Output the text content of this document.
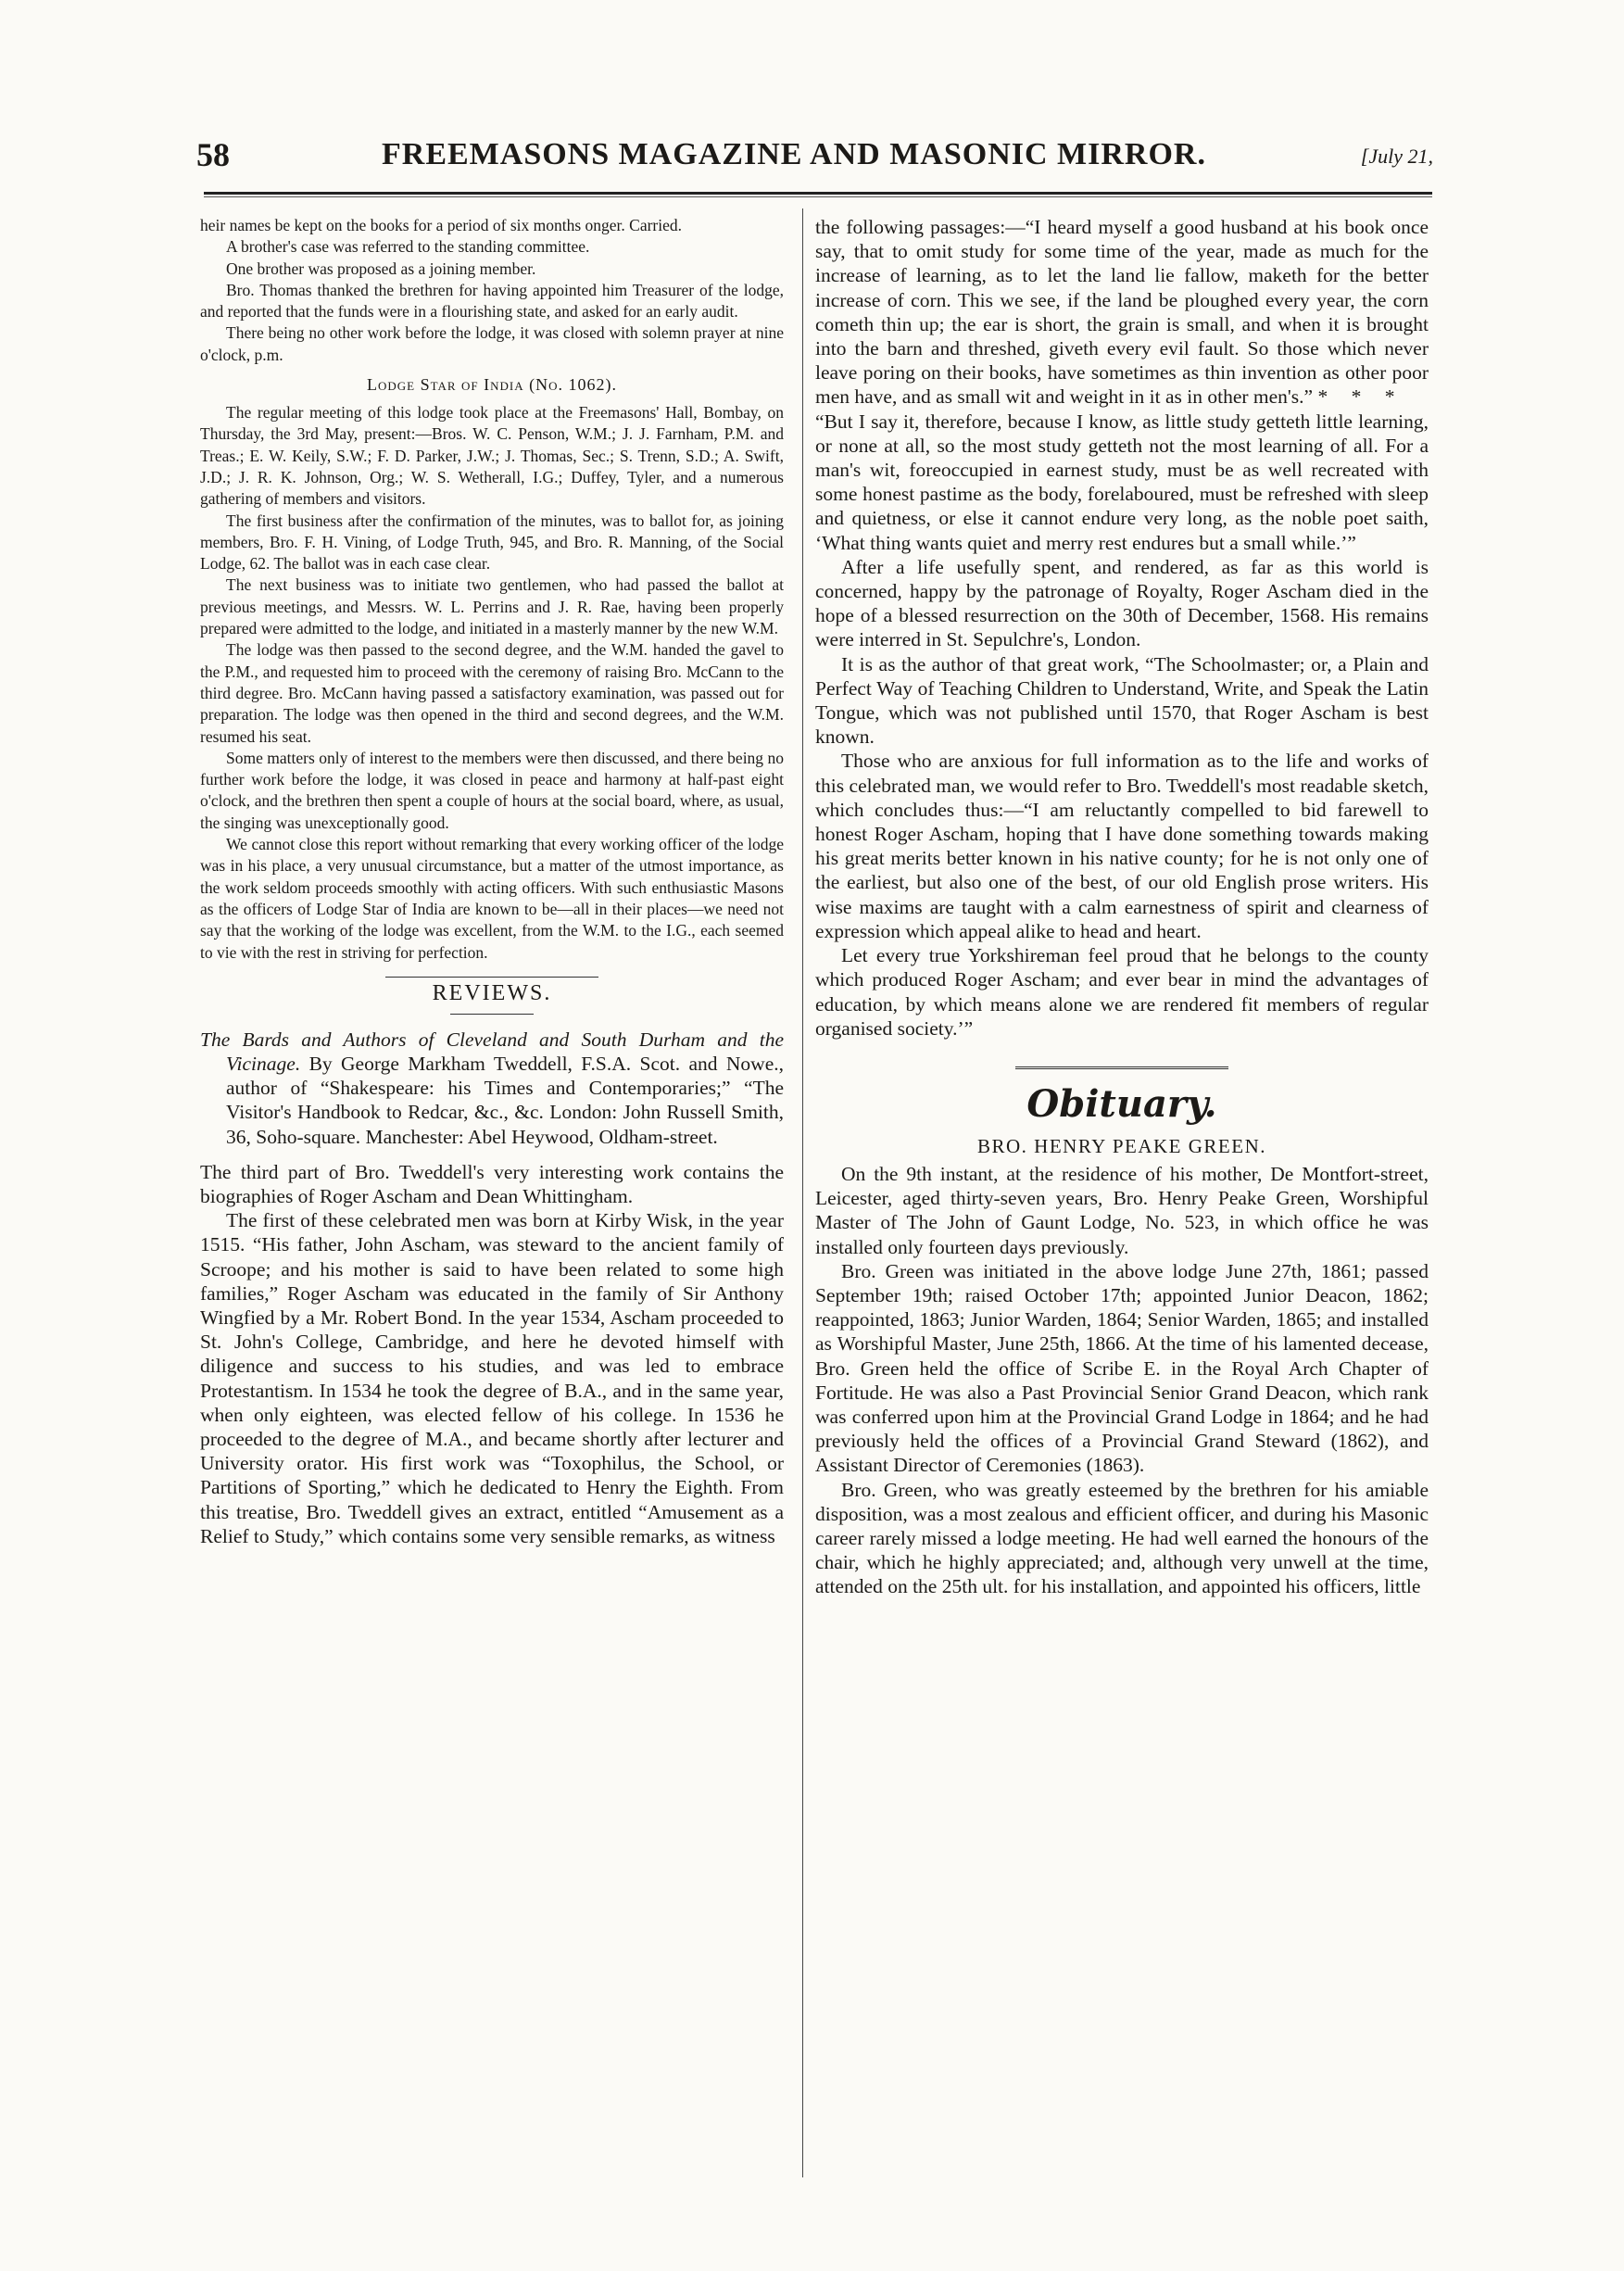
58	FREEMASONS MAGAZINE AND MASONIC MIRROR.	[July 21,

heir names be kept on the books for a period of six months onger. Carried.

A brother's case was referred to the standing committee.

One brother was proposed as a joining member.

Bro. Thomas thanked the brethren for having appointed him Treasurer of the lodge, and reported that the funds were in a flourishing state, and asked for an early audit.

There being no other work before the lodge, it was closed with solemn prayer at nine o'clock, p.m.

Lodge Star of India (No. 1062).

The regular meeting of this lodge took place at the Freemasons' Hall, Bombay, on Thursday, the 3rd May, present:—Bros. W. C. Penson, W.M.; J. J. Farnham, P.M. and Treas.; E. W. Keily, S.W.; F. D. Parker, J.W.; J. Thomas, Sec.; S. Trenn, S.D.; A. Swift, J.D.; J. R. K. Johnson, Org.; W. S. Wetherall, I.G.; Duffey, Tyler, and a numerous gathering of members and visitors.

The first business after the confirmation of the minutes, was to ballot for, as joining members, Bro. F. H. Vining, of Lodge Truth, 945, and Bro. R. Manning, of the Social Lodge, 62. The ballot was in each case clear.

The next business was to initiate two gentlemen, who had passed the ballot at previous meetings, and Messrs. W. L. Perrins and J. R. Rae, having been properly prepared were admitted to the lodge, and initiated in a masterly manner by the new W.M.

The lodge was then passed to the second degree, and the W.M. handed the gavel to the P.M., and requested him to proceed with the ceremony of raising Bro. McCann to the third degree. Bro. McCann having passed a satisfactory examination, was passed out for preparation. The lodge was then opened in the third and second degrees, and the W.M. resumed his seat.

Some matters only of interest to the members were then discussed, and there being no further work before the lodge, it was closed in peace and harmony at half-past eight o'clock, and the brethren then spent a couple of hours at the social board, where, as usual, the singing was unexceptionally good.

We cannot close this report without remarking that every working officer of the lodge was in his place, a very unusual circumstance, but a matter of the utmost importance, as the work seldom proceeds smoothly with acting officers. With such enthusiastic Masons as the officers of Lodge Star of India are known to be—all in their places—we need not say that the working of the lodge was excellent, from the W.M. to the I.G., each seemed to vie with the rest in striving for perfection.

REVIEWS.

The Bards and Authors of Cleveland and South Durham and the Vicinage. By George Markham Tweddell, F.S.A. Scot. and Nowe., author of “Shakespeare: his Times and Contemporaries;” “The Visitor's Handbook to Redcar, &c., &c. London: John Russell Smith, 36, Soho-square. Manchester: Abel Heywood, Oldham-street.

The third part of Bro. Tweddell's very interesting work contains the biographies of Roger Ascham and Dean Whittingham.

The first of these celebrated men was born at Kirby Wisk, in the year 1515. “His father, John Ascham, was steward to the ancient family of Scroope; and his mother is said to have been related to some high families,” Roger Ascham was educated in the family of Sir Anthony Wingfied by a Mr. Robert Bond. In the year 1534, Ascham proceeded to St. John's College, Cambridge, and here he devoted himself with diligence and success to his studies, and was led to embrace Protestantism. In 1534 he took the degree of B.A., and in the same year, when only eighteen, was elected fellow of his college. In 1536 he proceeded to the degree of M.A., and became shortly after lecturer and University orator. His first work was “Toxophilus, the School, or Partitions of Sporting,” which he dedicated to Henry the Eighth. From this treatise, Bro. Tweddell gives an extract, entitled “Amusement as a Relief to Study,” which contains some very sensible remarks, as witness

the following passages:—“I heard myself a good husband at his book once say, that to omit study for some time of the year, made as much for the increase of learning, as to let the land lie fallow, maketh for the better increase of corn. This we see, if the land be ploughed every year, the corn cometh thin up; the ear is short, the grain is small, and when it is brought into the barn and threshed, giveth every evil fault. So those which never leave poring on their books, have sometimes as thin invention as other poor men have, and as small wit and weight in it as in other men's.” * * *

“But I say it, therefore, because I know, as little study getteth little learning, or none at all, so the most study getteth not the most learning of all. For a man's wit, foreoccupied in earnest study, must be as well recreated with some honest pastime as the body, forelaboured, must be refreshed with sleep and quietness, or else it cannot endure very long, as the noble poet saith, ‘What thing wants quiet and merry rest endures but a small while.’”

After a life usefully spent, and rendered, as far as this world is concerned, happy by the patronage of Royalty, Roger Ascham died in the hope of a blessed resurrection on the 30th of December, 1568. His remains were interred in St. Sepulchre's, London.

It is as the author of that great work, “The Schoolmaster; or, a Plain and Perfect Way of Teaching Children to Understand, Write, and Speak the Latin Tongue, which was not published until 1570, that Roger Ascham is best known.

Those who are anxious for full information as to the life and works of this celebrated man, we would refer to Bro. Tweddell's most readable sketch, which concludes thus:—“I am reluctantly compelled to bid farewell to honest Roger Ascham, hoping that I have done something towards making his great merits better known in his native county; for he is not only one of the earliest, but also one of the best, of our old English prose writers. His wise maxims are taught with a calm earnestness of spirit and clearness of expression which appeal alike to head and heart.

Let every true Yorkshireman feel proud that he belongs to the county which produced Roger Ascham; and ever bear in mind the advantages of education, by which means alone we are rendered fit members of regular organised society.’”

Obituary.
BRO. HENRY PEAKE GREEN.

On the 9th instant, at the residence of his mother, De Montfort-street, Leicester, aged thirty-seven years, Bro. Henry Peake Green, Worshipful Master of The John of Gaunt Lodge, No. 523, in which office he was installed only fourteen days previously.

Bro. Green was initiated in the above lodge June 27th, 1861; passed September 19th; raised October 17th; appointed Junior Deacon, 1862; reappointed, 1863; Junior Warden, 1864; Senior Warden, 1865; and installed as Worshipful Master, June 25th, 1866. At the time of his lamented decease, Bro. Green held the office of Scribe E. in the Royal Arch Chapter of Fortitude. He was also a Past Provincial Senior Grand Deacon, which rank was conferred upon him at the Provincial Grand Lodge in 1864; and he had previously held the offices of a Provincial Grand Steward (1862), and Assistant Director of Ceremonies (1863).

Bro. Green, who was greatly esteemed by the brethren for his amiable disposition, was a most zealous and efficient officer, and during his Masonic career rarely missed a lodge meeting. He had well earned the honours of the chair, which he highly appreciated; and, although very unwell at the time, attended on the 25th ult. for his installation, and appointed his officers, little
